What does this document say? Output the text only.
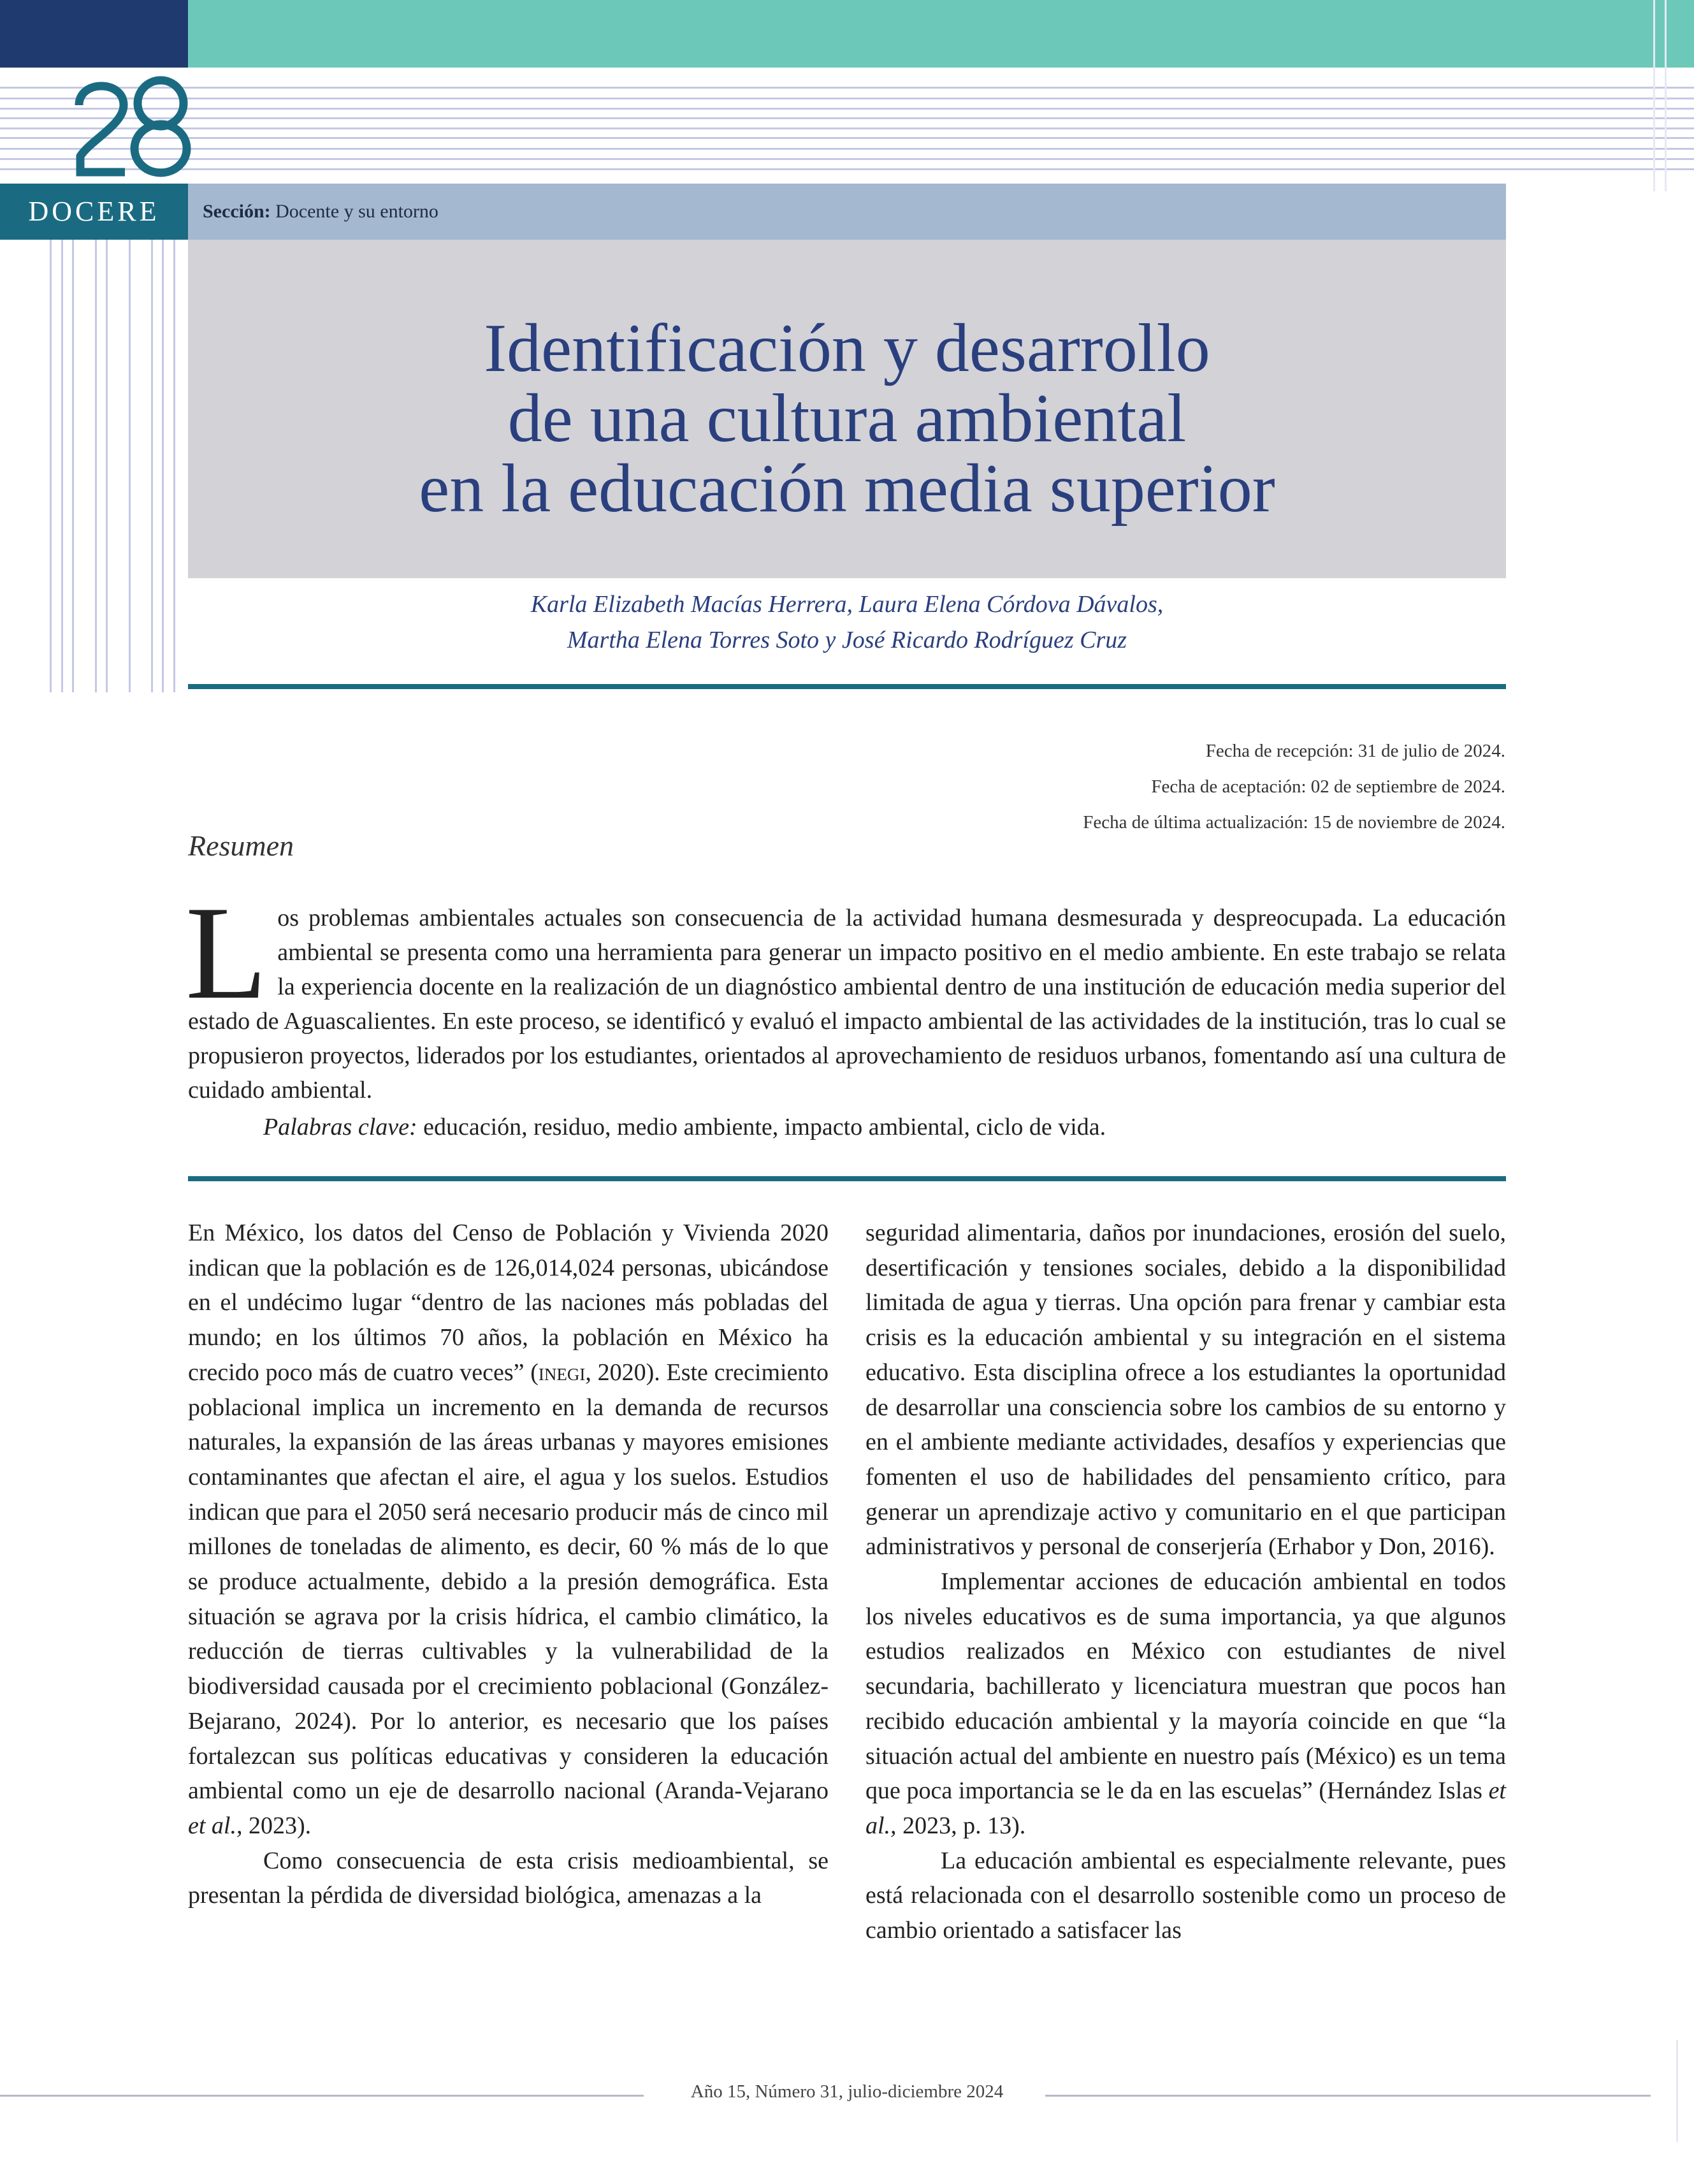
28
DOCERE	Sección: Docente y su entorno
Identificación y desarrollo
de una cultura ambiental
en la educación media superior
Karla Elizabeth Macías Herrera, Laura Elena Córdova Dávalos,
Martha Elena Torres Soto y José Ricardo Rodríguez Cruz
Fecha de recepción: 31 de julio de 2024.
Fecha de aceptación: 02 de septiembre de 2024.
Fecha de última actualización: 15 de noviembre de 2024.
Resumen
L os problemas ambientales actuales son consecuencia de la actividad humana desmesurada y despreocupada. La educación ambiental se presenta como una herramienta para generar un impacto positivo en el medio ambiente. En este trabajo se relata la experiencia docente en la realización de un diagnóstico ambiental dentro de una institución de educación media superior del estado de Aguascalientes. En este proceso, se identificó y evaluó el impacto ambiental de las actividades de la institución, tras lo cual se propusieron proyectos, liderados por los estudiantes, orientados al aprovechamiento de residuos urbanos, fomentando así una cultura de cuidado ambiental.
Palabras clave: educación, residuo, medio ambiente, impacto ambiental, ciclo de vida.

En México, los datos del Censo de Población y Vivienda 2020 indican que la población es de 126,014,024 personas, ubicándose en el undécimo lugar “dentro de las naciones más pobladas del mundo; en los últimos 70 años, la población en México ha crecido poco más de cuatro veces” (inegi, 2020). Este crecimiento poblacional implica un incremento en la demanda de recursos naturales, la expansión de las áreas urbanas y mayores emisiones contaminantes que afectan el aire, el agua y los suelos. Estudios indican que para el 2050 será necesario producir más de cinco mil millones de toneladas de alimento, es decir, 60 % más de lo que se produce actualmente, debido a la presión demográfica. Esta situación se agrava por la crisis hídrica, el cambio climático, la reducción de tierras cultivables y la vulnerabilidad de la biodiversidad causada por el crecimiento poblacional (González-Bejarano, 2024). Por lo anterior, es necesario que los países fortalezcan sus políticas educativas y consideren la educación ambiental como un eje de desarrollo nacional (Aranda-Vejarano et al., 2023).

Como consecuencia de esta crisis medioambiental, se presentan la pérdida de diversidad biológica, amenazas a la

seguridad alimentaria, daños por inundaciones, erosión del suelo, desertificación y tensiones sociales, debido a la disponibilidad limitada de agua y tierras. Una opción para frenar y cambiar esta crisis es la educación ambiental y su integración en el sistema educativo. Esta disciplina ofrece a los estudiantes la oportunidad de desarrollar una consciencia sobre los cambios de su entorno y en el ambiente mediante actividades, desafíos y experiencias que fomenten el uso de habilidades del pensamiento crítico, para generar un aprendizaje activo y comunitario en el que participan administrativos y personal de conserjería (Erhabor y Don, 2016).

Implementar acciones de educación ambiental en todos los niveles educativos es de suma importancia, ya que algunos estudios realizados en México con estudiantes de nivel secundaria, bachillerato y licenciatura muestran que pocos han recibido educación ambiental y la mayoría coincide en que “la situación actual del ambiente en nuestro país (México) es un tema que poca importancia se le da en las escuelas” (Hernández Islas et al., 2023, p. 13).

La educación ambiental es especialmente relevante, pues está relacionada con el desarrollo sostenible como un proceso de cambio orientado a satisfacer las

Año 15, Número 31, julio-diciembre 2024
